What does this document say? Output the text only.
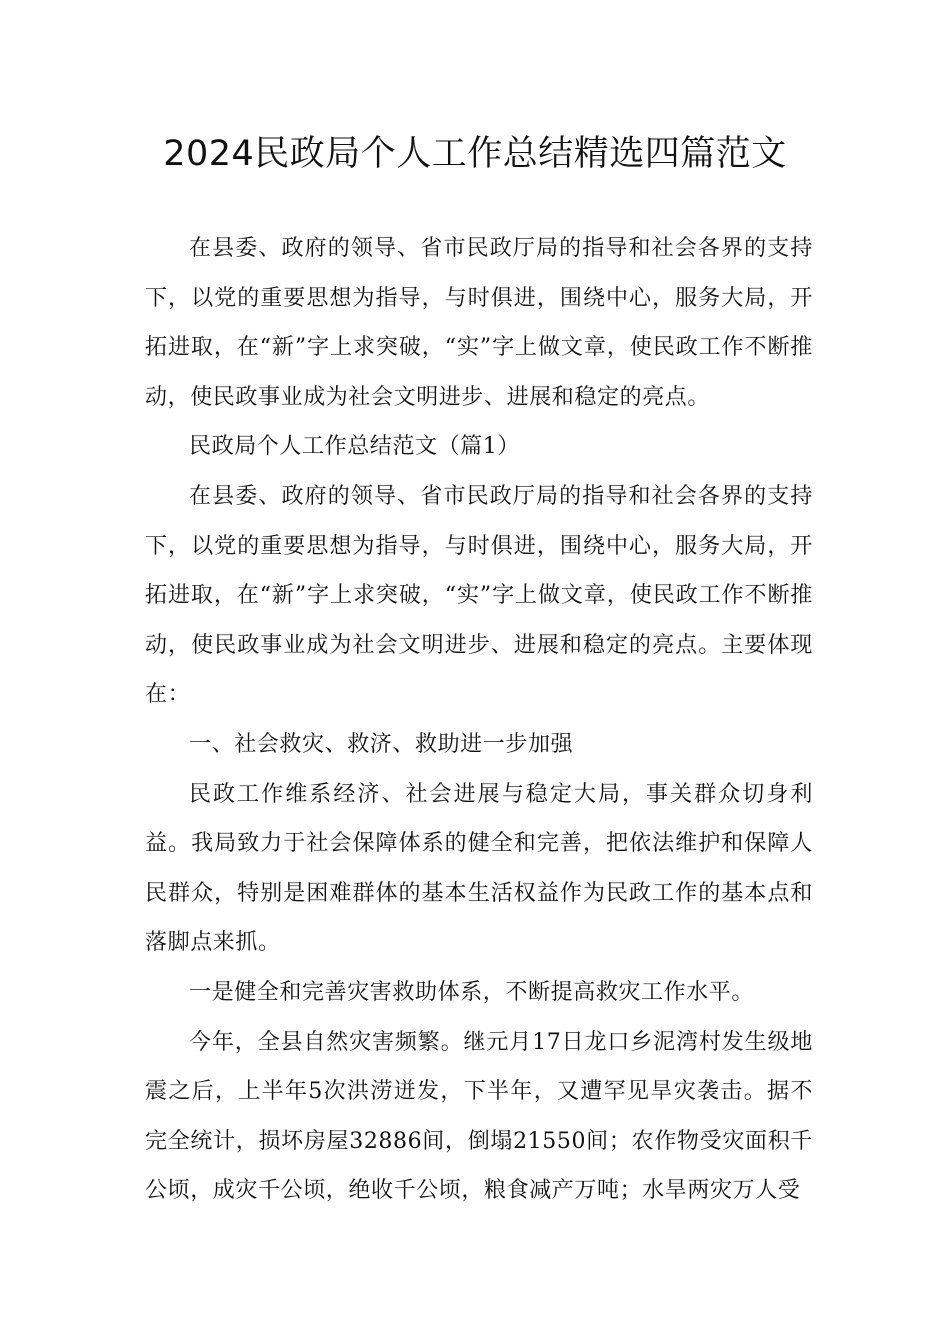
2024民政局个人工作总结精选四篇范文

在县委、政府的领导、省市民政厅局的指导和社会各界的支持下，以党的重要思想为指导，与时俱进，围绕中心，服务大局，开拓进取，在“新”字上求突破，“实”字上做文章，使民政工作不断推动，使民政事业成为社会文明进步、进展和稳定的亮点。

民政局个人工作总结范文（篇1）

在县委、政府的领导、省市民政厅局的指导和社会各界的支持下，以党的重要思想为指导，与时俱进，围绕中心，服务大局，开拓进取，在“新”字上求突破，“实”字上做文章，使民政工作不断推动，使民政事业成为社会文明进步、进展和稳定的亮点。主要体现在：

一、社会救灾、救济、救助进一步加强

民政工作维系经济、社会进展与稳定大局，事关群众切身利益。我局致力于社会保障体系的健全和完善，把依法维护和保障人民群众，特别是困难群体的基本生活权益作为民政工作的基本点和落脚点来抓。

一是健全和完善灾害救助体系，不断提高救灾工作水平。

今年，全县自然灾害频繁。继元月17日龙口乡泥湾村发生级地震之后，上半年5次洪涝迸发，下半年，又遭罕见旱灾袭击。据不完全统计，损坏房屋32886间，倒塌21550间；农作物受灾面积千公顷，成灾千公顷，绝收千公顷，粮食减产万吨；水旱两灾万人受
